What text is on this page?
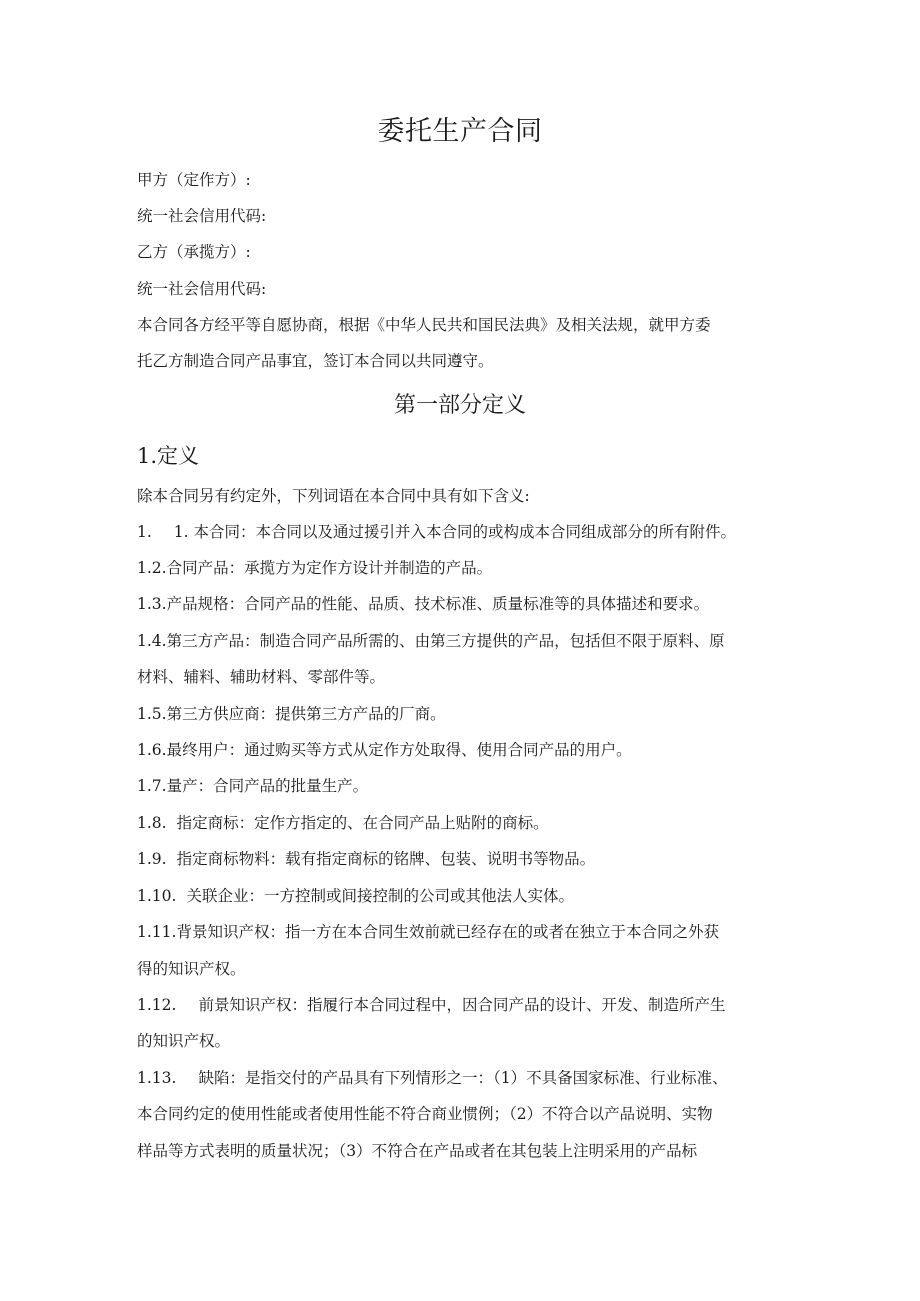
委托生产合同
甲方（定作方）:
统一社会信用代码:
乙方（承揽方）:
统一社会信用代码:
本合同各方经平等自愿协商，根据《中华人民共和国民法典》及相关法规，就甲方委
托乙方制造合同产品事宜，签订本合同以共同遵守。
第一部分定义
1.定义
除本合同另有约定外，下列词语在本合同中具有如下含义:
1. 1. 本合同：本合同以及通过援引并入本合同的或构成本合同组成部分的所有附件。
1.2.合同产品：承揽方为定作方设计并制造的产品。
1.3.产品规格：合同产品的性能、品质、技术标准、质量标准等的具体描述和要求。
1.4.第三方产品：制造合同产品所需的、由第三方提供的产品，包括但不限于原料、原
材料、辅料、辅助材料、零部件等。
1.5.第三方供应商：提供第三方产品的厂商。
1.6.最终用户：通过购买等方式从定作方处取得、使用合同产品的用户。
1.7.量产：合同产品的批量生产。
1.8. 指定商标：定作方指定的、在合同产品上贴附的商标。
1.9. 指定商标物料：载有指定商标的铭牌、包装、说明书等物品。
1.10. 关联企业：一方控制或间接控制的公司或其他法人实体。
1.11.背景知识产权：指一方在本合同生效前就已经存在的或者在独立于本合同之外获
得的知识产权。
1.12. 前景知识产权：指履行本合同过程中，因合同产品的设计、开发、制造所产生
的知识产权。
1.13. 缺陷：是指交付的产品具有下列情形之一：（1）不具备国家标准、行业标准、
本合同约定的使用性能或者使用性能不符合商业惯例；（2）不符合以产品说明、实物
样品等方式表明的质量状况；（3）不符合在产品或者在其包装上注明采用的产品标
